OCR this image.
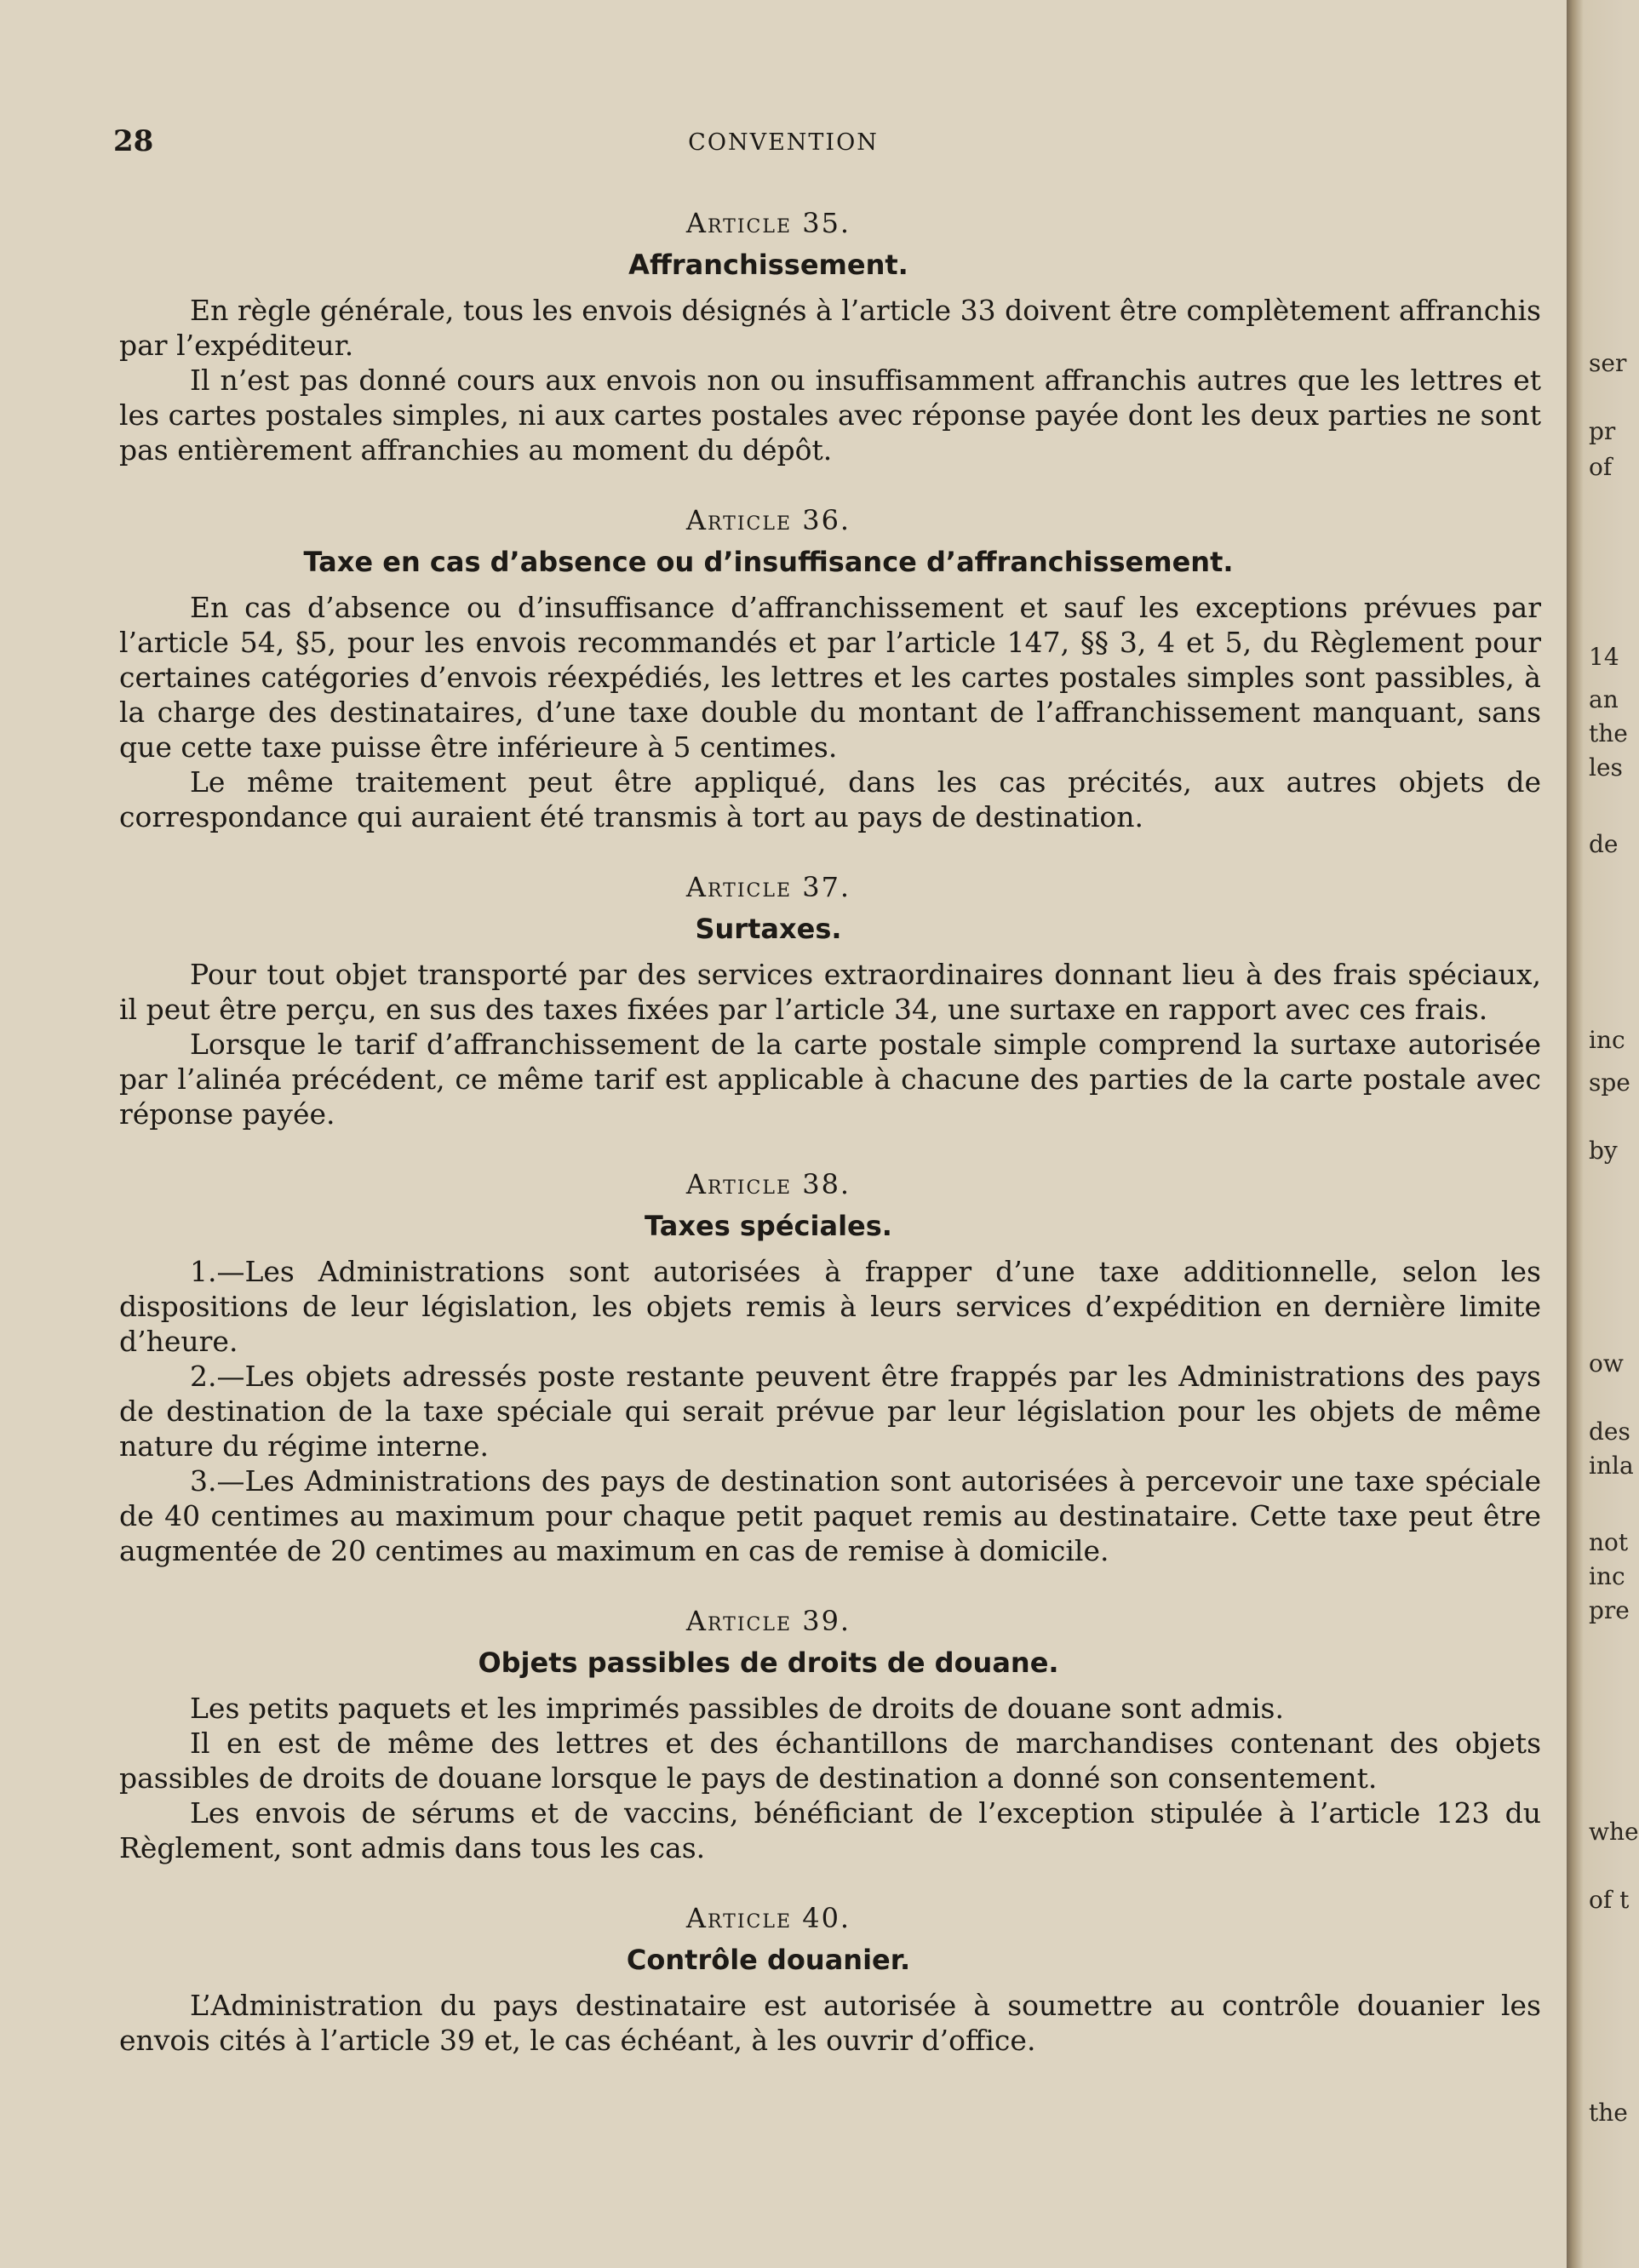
28	CONVENTION

Article 35.

Affranchissement.

En règle générale, tous les envois désignés à l’article 33 doivent être complètement affranchis par l’expéditeur.

Il n’est pas donné cours aux envois non ou insuffisamment affranchis autres que les lettres et les cartes postales simples, ni aux cartes postales avec réponse payée dont les deux parties ne sont pas entièrement affranchies au moment du dépôt.

Article 36.

Taxe en cas d’absence ou d’insuffisance d’affranchissement.

En cas d’absence ou d’insuffisance d’affranchissement et sauf les exceptions prévues par l’article 54, §5, pour les envois recommandés et par l’article 147, §§ 3, 4 et 5, du Règlement pour certaines catégories d’envois réexpédiés, les lettres et les cartes postales simples sont passibles, à la charge des destinataires, d’une taxe double du montant de l’affranchissement manquant, sans que cette taxe puisse être inférieure à 5 centimes.

Le même traitement peut être appliqué, dans les cas précités, aux autres objets de correspondance qui auraient été transmis à tort au pays de destination.

Article 37.

Surtaxes.

Pour tout objet transporté par des services extraordinaires donnant lieu à des frais spéciaux, il peut être perçu, en sus des taxes fixées par l’article 34, une surtaxe en rapport avec ces frais.

Lorsque le tarif d’affranchissement de la carte postale simple comprend la surtaxe autorisée par l’alinéa précédent, ce même tarif est applicable à chacune des parties de la carte postale avec réponse payée.

Article 38.

Taxes spéciales.

1.—Les Administrations sont autorisées à frapper d’une taxe additionnelle, selon les dispositions de leur législation, les objets remis à leurs services d’expédition en dernière limite d’heure.

2.—Les objets adressés poste restante peuvent être frappés par les Administrations des pays de destination de la taxe spéciale qui serait prévue par leur législation pour les objets de même nature du régime interne.

3.—Les Administrations des pays de destination sont autorisées à percevoir une taxe spéciale de 40 centimes au maximum pour chaque petit paquet remis au destinataire. Cette taxe peut être augmentée de 20 centimes au maximum en cas de remise à domicile.

Article 39.

Objets passibles de droits de douane.

Les petits paquets et les imprimés passibles de droits de douane sont admis.

Il en est de même des lettres et des échantillons de marchandises contenant des objets passibles de droits de douane lorsque le pays de destination a donné son consentement.

Les envois de sérums et de vaccins, bénéficiant de l’exception stipulée à l’article 123 du Règlement, sont admis dans tous les cas.

Article 40.

Contrôle douanier.

L’Administration du pays destinataire est autorisée à soumettre au contrôle douanier les envois cités à l’article 39 et, le cas échéant, à les ouvrir d’office.

ser
pr
of
14
an
the
les
de
inc
spe
by
ow
des
inla
not
inc
pre
whe
of t
the
